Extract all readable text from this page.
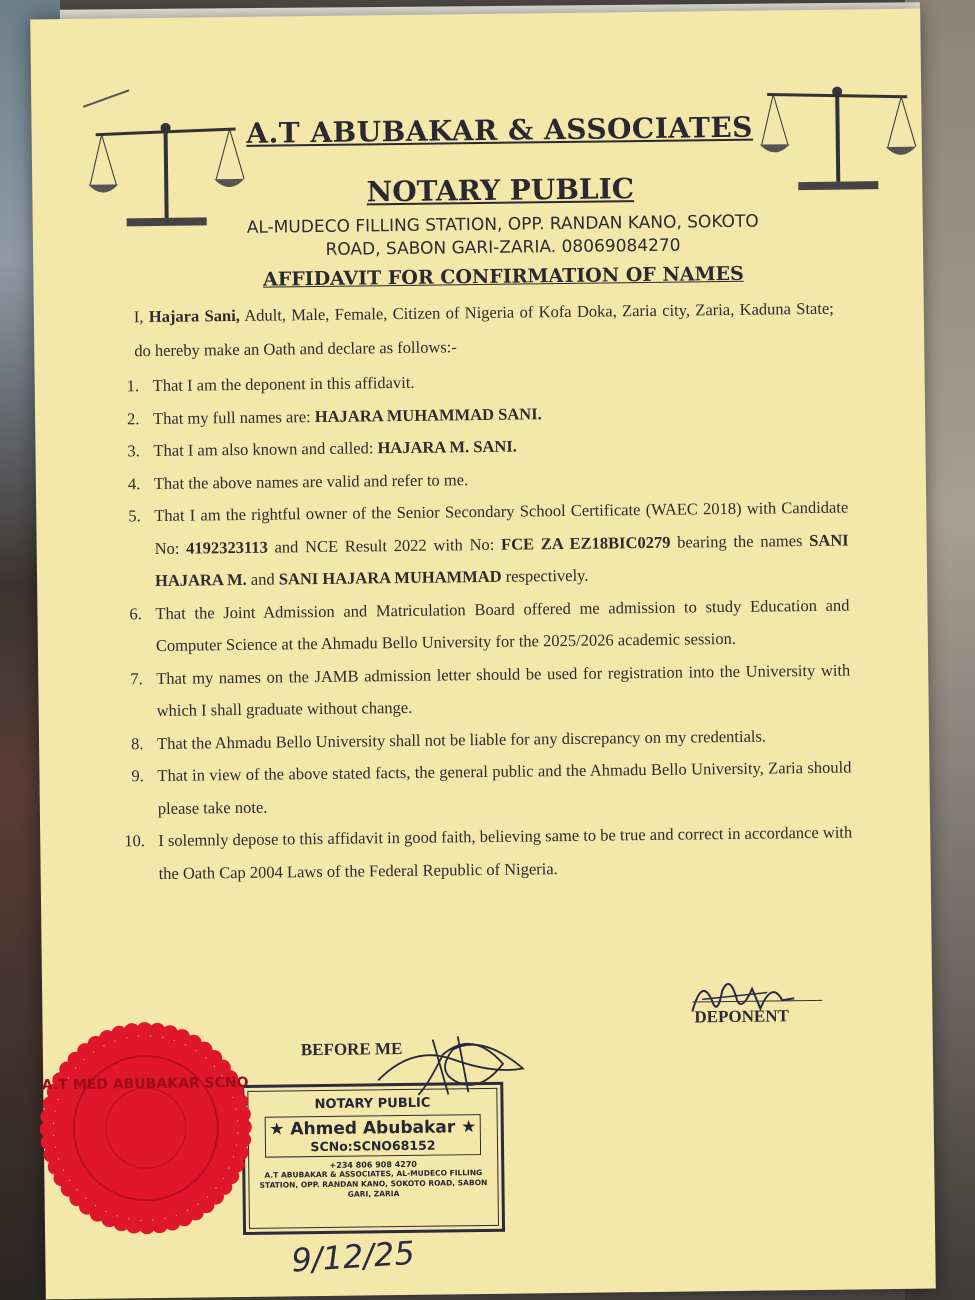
A.T ABUBAKAR & ASSOCIATES
NOTARY PUBLIC
AL-MUDECO FILLING STATION, OPP. RANDAN KANO, SOKOTO
ROAD, SABON GARI-ZARIA. 08069084270
AFFIDAVIT FOR CONFIRMATION OF NAMES
I, Hajara Sani, Adult, Male, Female, Citizen of Nigeria of Kofa Doka, Zaria city, Zaria, Kaduna State; do hereby make an Oath and declare as follows:-
1. That I am the deponent in this affidavit.
2. That my full names are: HAJARA MUHAMMAD SANI.
3. That I am also known and called: HAJARA M. SANI.
4. That the above names are valid and refer to me.
5. That I am the rightful owner of the Senior Secondary School Certificate (WAEC 2018) with Candidate No: 4192323113 and NCE Result 2022 with No: FCE ZA EZ18BIC0279 bearing the names SANI HAJARA M. and SANI HAJARA MUHAMMAD respectively.
6. That the Joint Admission and Matriculation Board offered me admission to study Education and Computer Science at the Ahmadu Bello University for the 2025/2026 academic session.
7. That my names on the JAMB admission letter should be used for registration into the University with which I shall graduate without change.
8. That the Ahmadu Bello University shall not be liable for any discrepancy on my credentials.
9. That in view of the above stated facts, the general public and the Ahmadu Bello University, Zaria should please take note.
10. I solemnly depose to this affidavit in good faith, believing same to be true and correct in accordance with the Oath Cap 2004 Laws of the Federal Republic of Nigeria.
DEPONENT
BEFORE ME
NOTARY PUBLIC
★ Ahmed Abubakar ★
SCNo:SCNO68152
+234 806 908 4270
A.T ABUBAKAR & ASSOCIATES, AL-MUDECO FILLING STATION, OPP. RANDAN KANO, SOKOTO ROAD, SABON GARI, ZARIA
A.T MED ABUBAKAR SCNO
9/12/25
